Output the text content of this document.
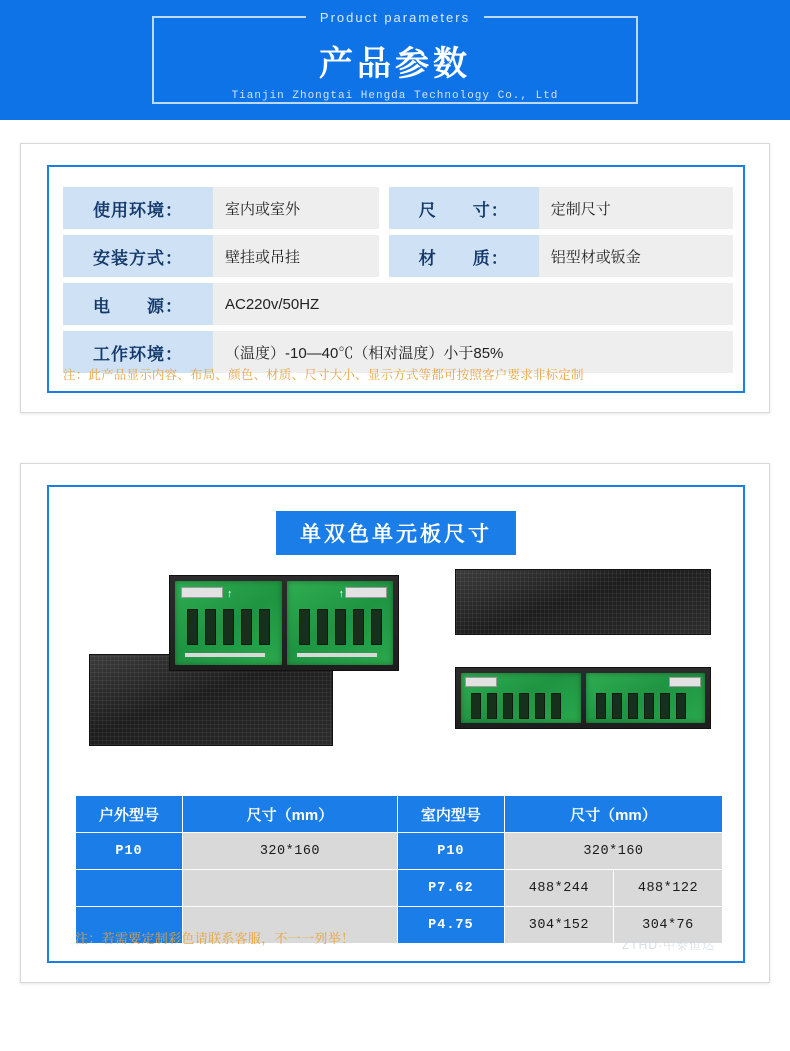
Product parameters
产品参数
Tianjin Zhongtai Hengda Technology Co., Ltd
使用环境：	室内或室外		尺　　寸：	定制尺寸
安装方式：	壁挂或吊挂		材　　质：	铝型材或钣金
电　　源：	AC220v/50HZ			
工作环境：	（温度）-10—40℃（相对温度）小于85%			
注：此产品显示内容、布局、颜色、材质、尺寸大小、显示方式等都可按照客户要求非标定制
单双色单元板尺寸
↑	↑
户外型号	尺寸（mm）	室内型号	尺寸（mm）	
P10	320*160	P10	320*160	
		P7.62	488*244	488*122
		P4.75	304*152	304*76
注：若需要定制彩色请联系客服，不一一列举！	ZTHD·中泰恒达
